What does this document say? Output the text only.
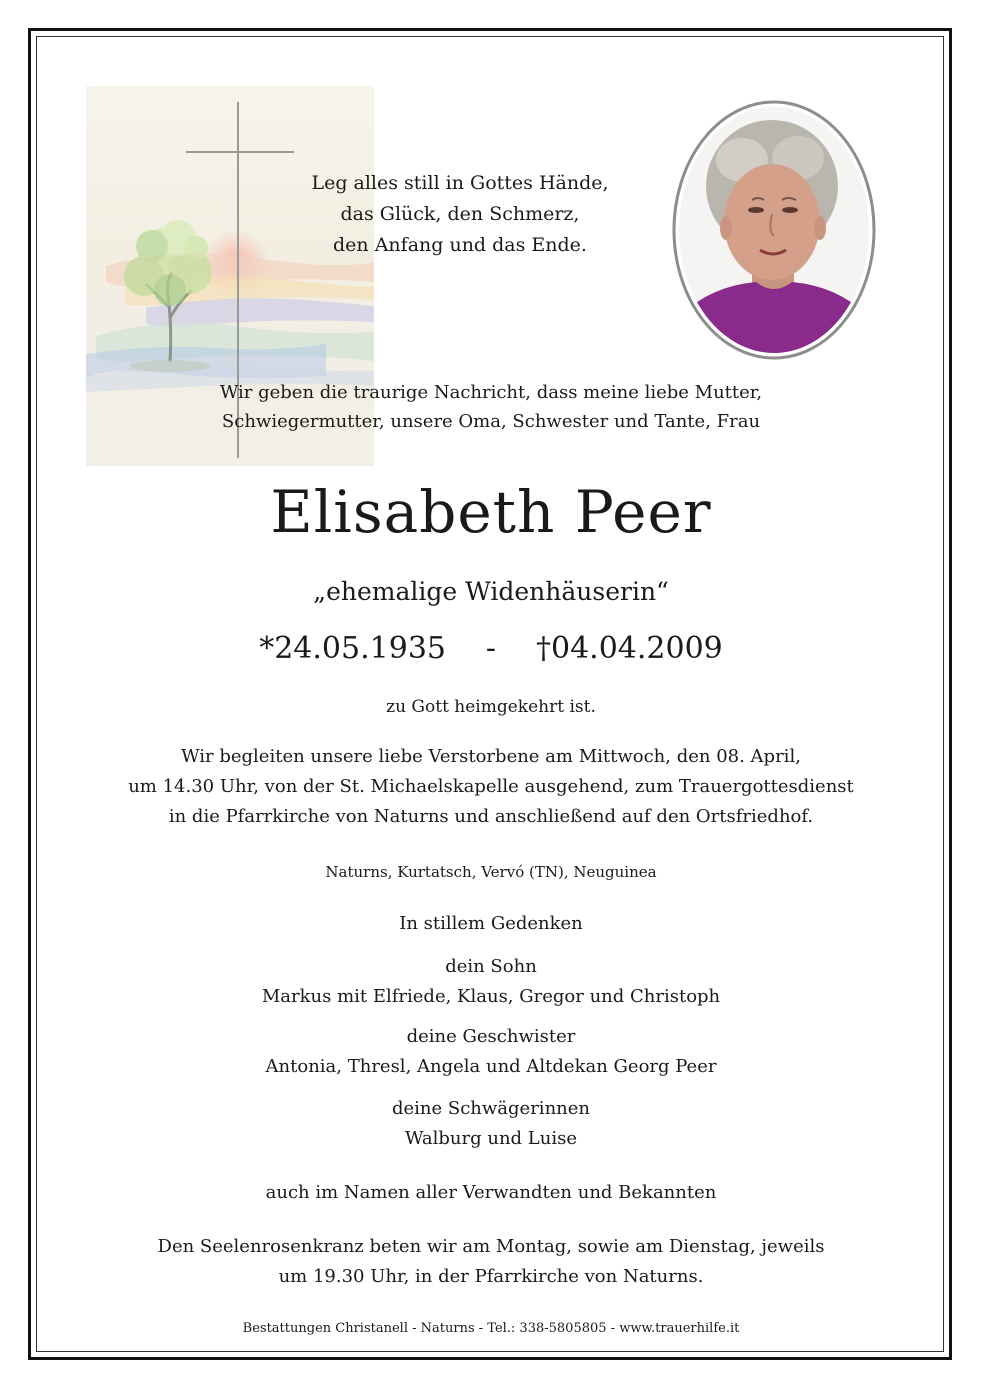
Leg alles still in Gottes Hände,
das Glück, den Schmerz,
den Anfang und das Ende.

Wir geben die traurige Nachricht, dass meine liebe Mutter,
Schwiegermutter, unsere Oma, Schwester und Tante, Frau

Elisabeth Peer

„ehemalige Widenhäuserin“

*24.05.1935 - †04.04.2009

zu Gott heimgekehrt ist.

Wir begleiten unsere liebe Verstorbene am Mittwoch, den 08. April,
um 14.30 Uhr, von der St. Michaelskapelle ausgehend, zum Trauergottesdienst
in die Pfarrkirche von Naturns und anschließend auf den Ortsfriedhof.

Naturns, Kurtatsch, Vervó (TN), Neuguinea

In stillem Gedenken

dein Sohn
Markus mit Elfriede, Klaus, Gregor und Christoph

deine Geschwister
Antonia, Thresl, Angela und Altdekan Georg Peer

deine Schwägerinnen
Walburg und Luise

auch im Namen aller Verwandten und Bekannten

Den Seelenrosenkranz beten wir am Montag, sowie am Dienstag, jeweils
um 19.30 Uhr, in der Pfarrkirche von Naturns.

Bestattungen Christanell - Naturns - Tel.: 338-5805805 - www.trauerhilfe.it
